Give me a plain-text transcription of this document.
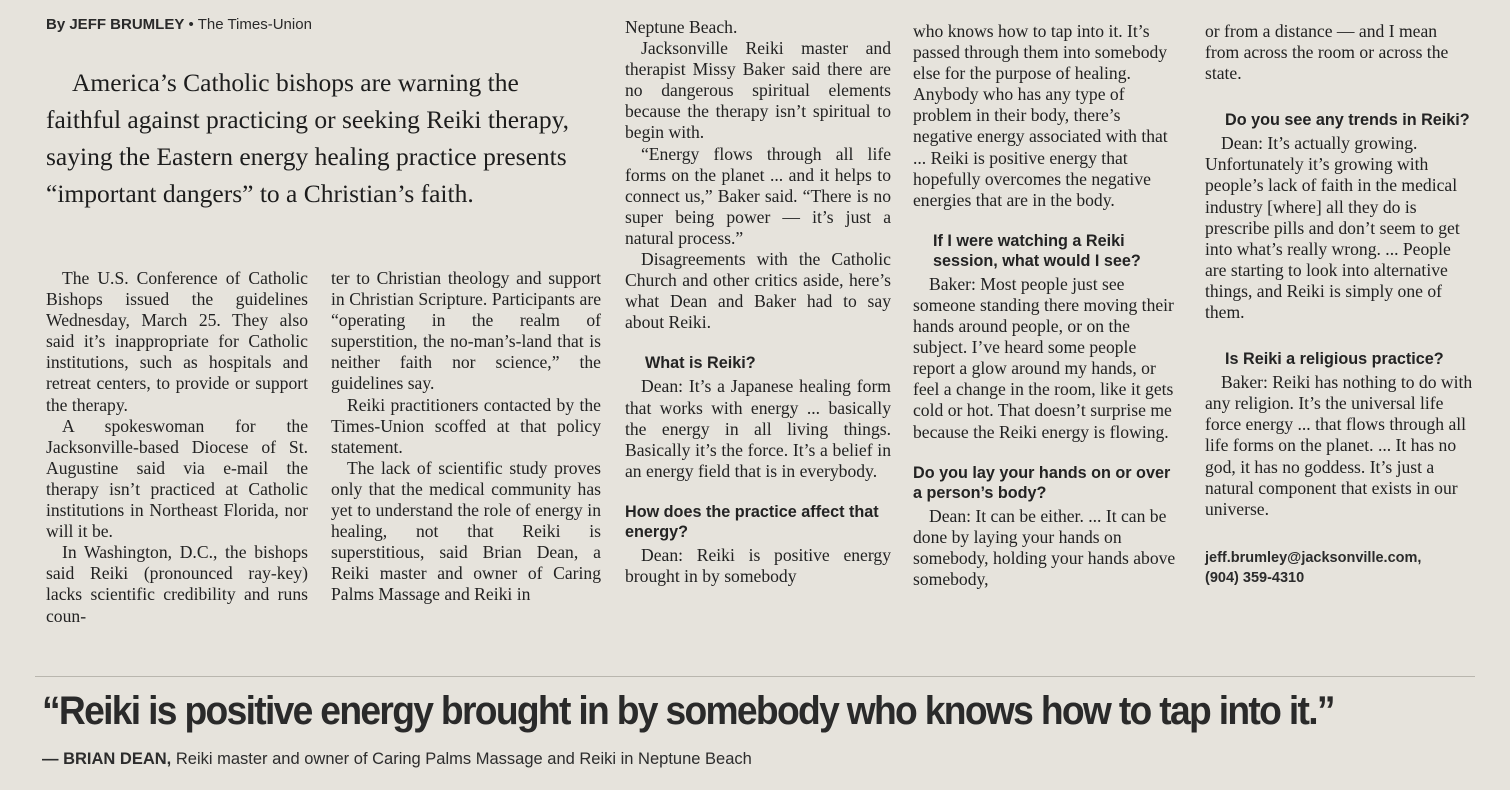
By JEFF BRUMLEY • The Times-Union

America’s Catholic bishops are warning the faithful against practicing or seeking Reiki therapy, saying the Eastern energy healing practice presents “important dangers” to a Christian’s faith.

The U.S. Conference of Catholic Bishops issued the guidelines Wednesday, March 25. They also said it’s inappropriate for Catholic institutions, such as hospitals and retreat centers, to provide or support the therapy.

A spokeswoman for the Jacksonville-based Diocese of St. Augustine said via e-mail the therapy isn’t practiced at Catholic institutions in Northeast Florida, nor will it be.

In Washington, D.C., the bishops said Reiki (pronounced ray-key) lacks scientific credibility and runs coun-

ter to Christian theology and support in Christian Scripture. Participants are “operating in the realm of superstition, the no-man’s-land that is neither faith nor science,” the guidelines say.

Reiki practitioners contacted by the Times-Union scoffed at that policy statement.

The lack of scientific study proves only that the medical community has yet to understand the role of energy in healing, not that Reiki is superstitious, said Brian Dean, a Reiki master and owner of Caring Palms Massage and Reiki in

Neptune Beach.

Jacksonville Reiki master and therapist Missy Baker said there are no dangerous spiritual elements because the therapy isn’t spiritual to begin with.

“Energy flows through all life forms on the planet ... and it helps to connect us,” Baker said. “There is no super being power — it’s just a natural process.”

Disagreements with the Catholic Church and other critics aside, here’s what Dean and Baker had to say about Reiki.

What is Reiki?

Dean: It’s a Japanese healing form that works with energy ... basically the energy in all living things. Basically it’s the force. It’s a belief in an energy field that is in everybody.

How does the practice affect that energy?

Dean: Reiki is positive energy brought in by somebody

who knows how to tap into it. It’s passed through them into somebody else for the purpose of healing. Anybody who has any type of problem in their body, there’s negative energy associated with that ... Reiki is positive energy that hopefully overcomes the negative energies that are in the body.

If I were watching a Reiki session, what would I see?

Baker: Most people just see someone standing there moving their hands around people, or on the subject. I’ve heard some people report a glow around my hands, or feel a change in the room, like it gets cold or hot. That doesn’t surprise me because the Reiki energy is flowing.

Do you lay your hands on or over a person’s body?

Dean: It can be either. ... It can be done by laying your hands on somebody, holding your hands above somebody,

or from a distance — and I mean from across the room or across the state.

Do you see any trends in Reiki?

Dean: It’s actually growing. Unfortunately it’s growing with people’s lack of faith in the medical industry [where] all they do is prescribe pills and don’t seem to get into what’s really wrong. ... People are starting to look into alternative things, and Reiki is simply one of them.

Is Reiki a religious practice?

Baker: Reiki has nothing to do with any religion. It’s the universal life force energy ... that flows through all life forms on the planet. ... It has no god, it has no goddess. It’s just a natural component that exists in our universe.

jeff.brumley@jacksonville.com,
(904) 359-4310
“Reiki is positive energy brought in by somebody who knows how to tap into it.”
— BRIAN DEAN, Reiki master and owner of Caring Palms Massage and Reiki in Neptune Beach
